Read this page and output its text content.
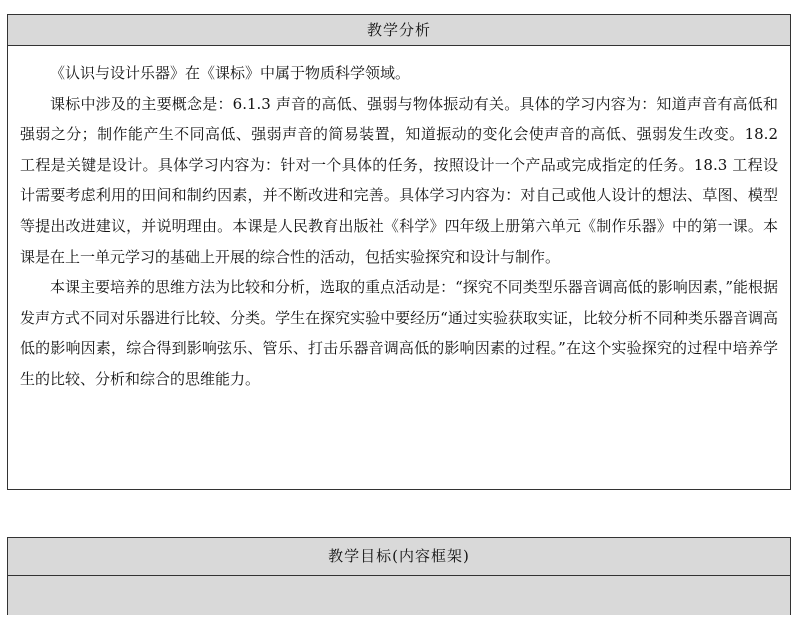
教学分析

《认识与设计乐器》在《课标》中属于物质科学领域。

课标中涉及的主要概念是：6.1.3 声音的高低、强弱与物体振动有关。具体的学习内容为：知道声音有高低和强弱之分；制作能产生不同高低、强弱声音的简易装置，知道振动的变化会使声音的高低、强弱发生改变。18.2 工程是关键是设计。具体学习内容为：针对一个具体的任务，按照设计一个产品或完成指定的任务。18.3 工程设计需要考虑利用的田间和制约因素，并不断改进和完善。具体学习内容为：对自己或他人设计的想法、草图、模型等提出改进建议，并说明理由。本课是人民教育出版社《科学》四年级上册第六单元《制作乐器》中的第一课。本课是在上一单元学习的基础上开展的综合性的活动，包括实验探究和设计与制作。

本课主要培养的思维方法为比较和分析，选取的重点活动是：“探究不同类型乐器音调高低的影响因素，”能根据发声方式不同对乐器进行比较、分类。学生在探究实验中要经历“通过实验获取实证，比较分析不同种类乐器音调高低的影响因素，综合得到影响弦乐、管乐、打击乐器音调高低的影响因素的过程。”在这个实验探究的过程中培养学生的比较、分析和综合的思维能力。

教学目标(内容框架)
